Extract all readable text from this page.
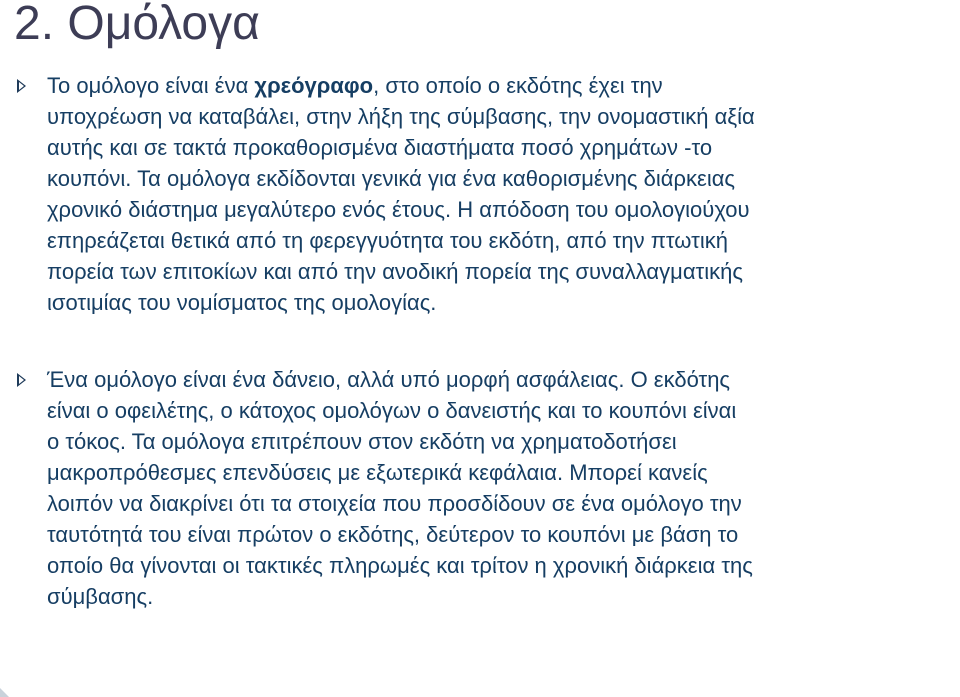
2. Ομόλογα

Το ομόλογο είναι ένα χρεόγραφο, στο οποίο ο εκδότης έχει την
υποχρέωση να καταβάλει, στην λήξη της σύμβασης, την ονομαστική αξία
αυτής και σε τακτά προκαθορισμένα διαστήματα ποσό χρημάτων -το
κουπόνι. Τα ομόλογα εκδίδονται γενικά για ένα καθορισμένης διάρκειας
χρονικό διάστημα μεγαλύτερο ενός έτους. Η απόδοση του ομολογιούχου
επηρεάζεται θετικά από τη φερεγγυότητα του εκδότη, από την πτωτική
πορεία των επιτοκίων και από την ανοδική πορεία της συναλλαγματικής
ισοτιμίας του νομίσματος της ομολογίας.

Ένα ομόλογο είναι ένα δάνειο, αλλά υπό μορφή ασφάλειας. Ο εκδότης
είναι ο οφειλέτης, ο κάτοχος ομολόγων ο δανειστής και το κουπόνι είναι
ο τόκος. Τα ομόλογα επιτρέπουν στον εκδότη να χρηματοδοτήσει
μακροπρόθεσμες επενδύσεις με εξωτερικά κεφάλαια. Μπορεί κανείς
λοιπόν να διακρίνει ότι τα στοιχεία που προσδίδουν σε ένα ομόλογο την
ταυτότητά του είναι πρώτον ο εκδότης, δεύτερον το κουπόνι με βάση το
οποίο θα γίνονται οι τακτικές πληρωμές και τρίτον η χρονική διάρκεια της
σύμβασης.
